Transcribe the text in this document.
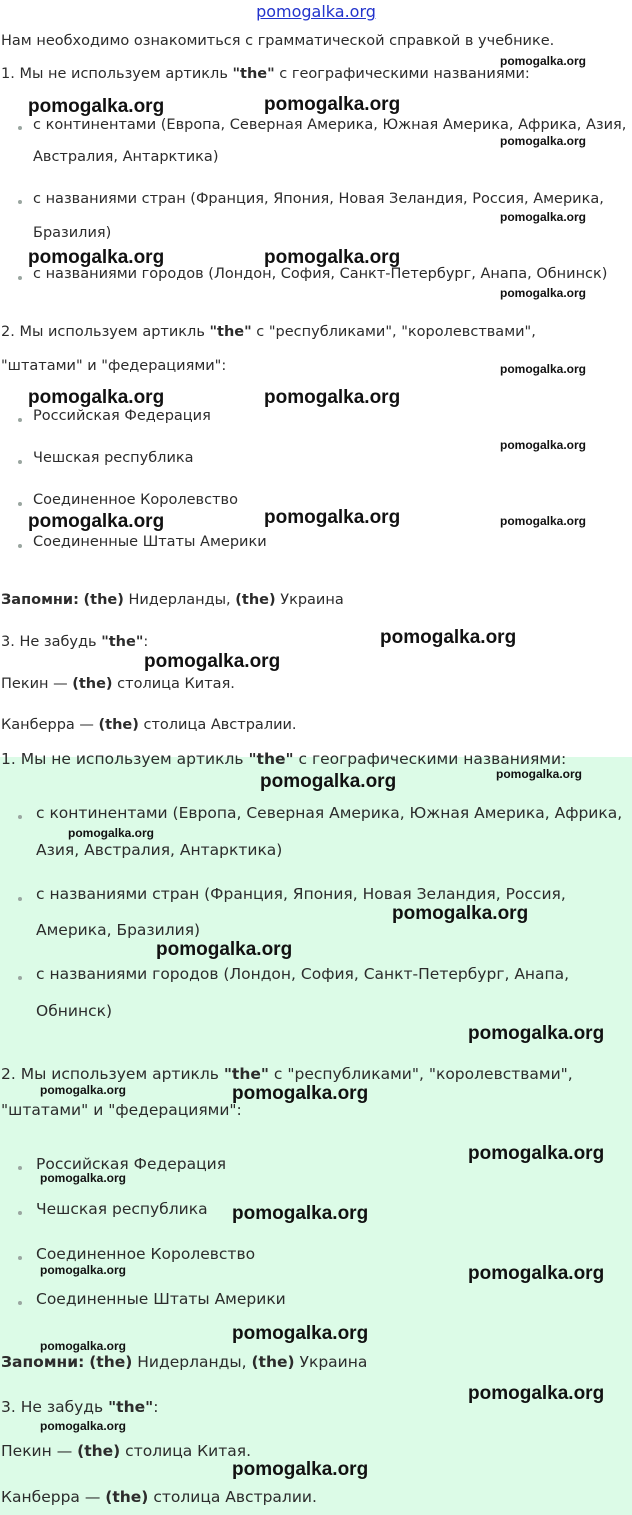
pomogalka.org
Нам необходимо ознакомиться с грамматической справкой в учебнике.
1. Мы не используем артикль "the" с географическими названиями:
с континентами (Европа, Северная Америка, Южная Америка, Африка, Азия,
Австралия, Антарктика)
с названиями стран (Франция, Япония, Новая Зеландия, Россия, Америка,
Бразилия)
с названиями городов (Лондон, София, Санкт-Петербург, Анапа, Обнинск)
2. Мы используем артикль "the" с "республиками", "королевствами",
"штатами" и "федерациями":
Российская Федерация
Чешская республика
Соединенное Королевство
Соединенные Штаты Америки
Запомни: (the) Нидерланды, (the) Украина
3. Не забудь "the":
Пекин — (the) столица Китая.
Канберра — (the) столица Австралии.
1. Мы не используем артикль "the" с географическими названиями:
с континентами (Европа, Северная Америка, Южная Америка, Африка,
Азия, Австралия, Антарктика)
с названиями стран (Франция, Япония, Новая Зеландия, Россия,
Америка, Бразилия)
с названиями городов (Лондон, София, Санкт-Петербург, Анапа,
Обнинск)
2. Мы используем артикль "the" с "республиками", "королевствами",
"штатами" и "федерациями":
Российская Федерация
Чешская республика
Соединенное Королевство
Соединенные Штаты Америки
Запомни: (the) Нидерланды, (the) Украина
3. Не забудь "the":
Пекин — (the) столица Китая.
Канберра — (the) столица Австралии.
pomogalka.org	pomogalka.org
pomogalka.org
pomogalka.org
pomogalka.org
pomogalka.org	pomogalka.org
pomogalka.org
pomogalka.org
pomogalka.org	pomogalka.org
pomogalka.org
pomogalka.org	pomogalka.org	pomogalka.org
pomogalka.org
pomogalka.org
pomogalka.org	pomogalka.org
pomogalka.org
pomogalka.org
pomogalka.org
pomogalka.org
pomogalka.org	pomogalka.org
pomogalka.org
pomogalka.org
pomogalka.org
pomogalka.org	pomogalka.org
pomogalka.org
pomogalka.org
pomogalka.org
pomogalka.org
pomogalka.org
